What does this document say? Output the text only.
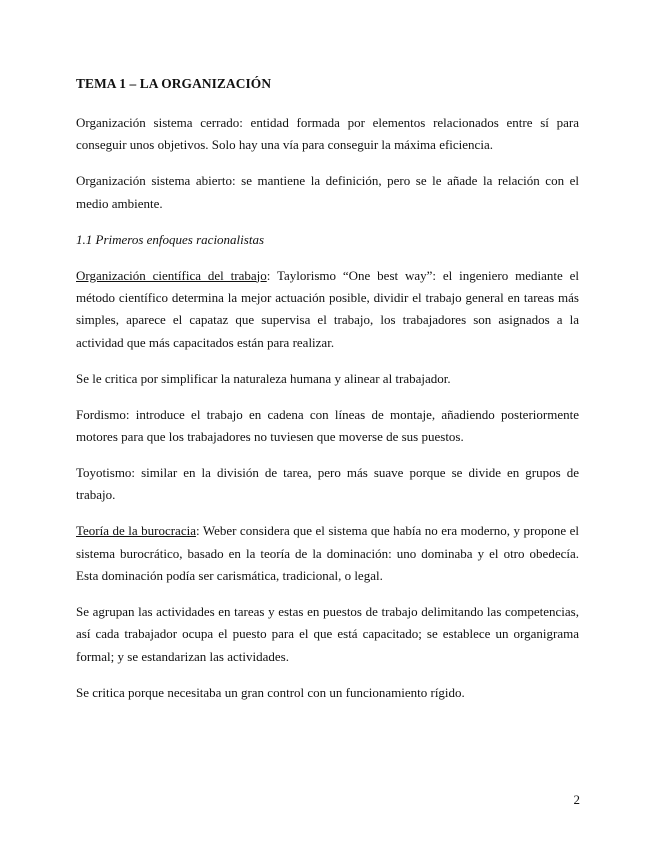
TEMA 1 – LA ORGANIZACIÓN

Organización sistema cerrado: entidad formada por elementos relacionados entre sí para conseguir unos objetivos. Solo hay una vía para conseguir la máxima eficiencia.

Organización sistema abierto: se mantiene la definición, pero se le añade la relación con el medio ambiente.

1.1 Primeros enfoques racionalistas

Organización científica del trabajo: Taylorismo “One best way”: el ingeniero mediante el método científico determina la mejor actuación posible, dividir el trabajo general en tareas más simples, aparece el capataz que supervisa el trabajo, los trabajadores son asignados a la actividad que más capacitados están para realizar.

Se le critica por simplificar la naturaleza humana y alinear al trabajador.

Fordismo: introduce el trabajo en cadena con líneas de montaje, añadiendo posteriormente motores para que los trabajadores no tuviesen que moverse de sus puestos.

Toyotismo: similar en la división de tarea, pero más suave porque se divide en grupos de trabajo.

Teoría de la burocracia: Weber considera que el sistema que había no era moderno, y propone el sistema burocrático, basado en la teoría de la dominación: uno dominaba y el otro obedecía. Esta dominación podía ser carismática, tradicional, o legal.

Se agrupan las actividades en tareas y estas en puestos de trabajo delimitando las competencias, así cada trabajador ocupa el puesto para el que está capacitado; se establece un organigrama formal; y se estandarizan las actividades.

Se critica porque necesitaba un gran control con un funcionamiento rígido.

2
